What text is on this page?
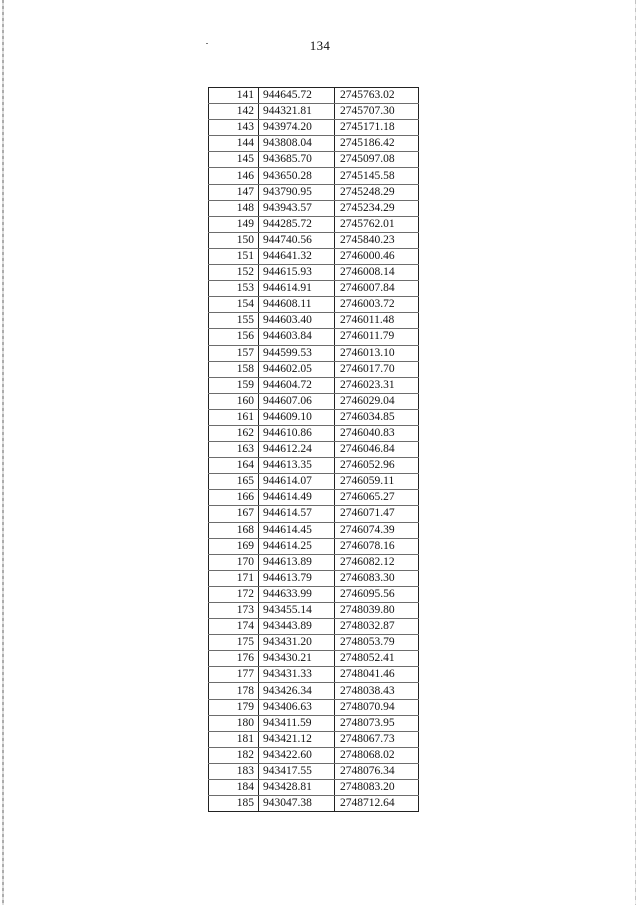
134
141	944645.72	2745763.02
142	944321.81	2745707.30
143	943974.20	2745171.18
144	943808.04	2745186.42
145	943685.70	2745097.08
146	943650.28	2745145.58
147	943790.95	2745248.29
148	943943.57	2745234.29
149	944285.72	2745762.01
150	944740.56	2745840.23
151	944641.32	2746000.46
152	944615.93	2746008.14
153	944614.91	2746007.84
154	944608.11	2746003.72
155	944603.40	2746011.48
156	944603.84	2746011.79
157	944599.53	2746013.10
158	944602.05	2746017.70
159	944604.72	2746023.31
160	944607.06	2746029.04
161	944609.10	2746034.85
162	944610.86	2746040.83
163	944612.24	2746046.84
164	944613.35	2746052.96
165	944614.07	2746059.11
166	944614.49	2746065.27
167	944614.57	2746071.47
168	944614.45	2746074.39
169	944614.25	2746078.16
170	944613.89	2746082.12
171	944613.79	2746083.30
172	944633.99	2746095.56
173	943455.14	2748039.80
174	943443.89	2748032.87
175	943431.20	2748053.79
176	943430.21	2748052.41
177	943431.33	2748041.46
178	943426.34	2748038.43
179	943406.63	2748070.94
180	943411.59	2748073.95
181	943421.12	2748067.73
182	943422.60	2748068.02
183	943417.55	2748076.34
184	943428.81	2748083.20
185	943047.38	2748712.64
